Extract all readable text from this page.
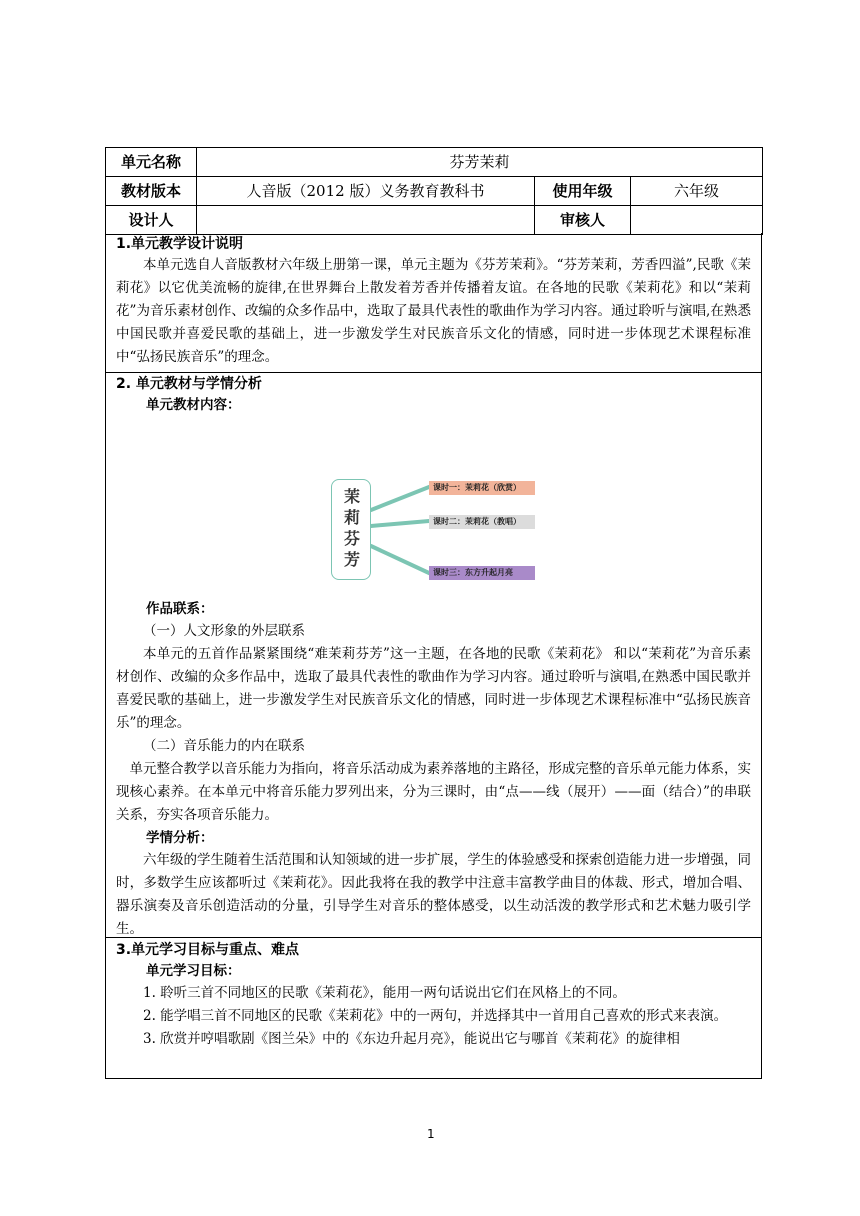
单元名称	芬芳茉莉		
教材版本	人音版（2012 版）义务教育教科书	使用年级	六年级
设计人		审核人	

1.单元教学设计说明

本单元选自人音版教材六年级上册第一课，单元主题为《芬芳茉莉》。“芬芳茉莉，芳香四溢”,民歌《茉莉花》以它优美流畅的旋律,在世界舞台上散发着芳香并传播着友谊。在各地的民歌《茉莉花》和以“茉莉花”为音乐素材创作、改编的众多作品中，选取了最具代表性的歌曲作为学习内容。通过聆听与演唱,在熟悉中国民歌并喜爱民歌的基础上，进一步激发学生对民族音乐文化的情感，同时进一步体现艺术课程标准中“弘扬民族音乐”的理念。

2. 单元教材与学情分析

单元教材内容：

茉莉芬芳	课时一：茉莉花（欣赏）
课时二：茉莉花（教唱）
课时三：东方升起月亮

作品联系：

（一）人文形象的外层联系

本单元的五首作品紧紧围绕“难茉莉芬芳”这一主题，在各地的民歌《茉莉花》 和以“茉莉花”为音乐素材创作、改编的众多作品中，选取了最具代表性的歌曲作为学习内容。通过聆听与演唱,在熟悉中国民歌并喜爱民歌的基础上，进一步激发学生对民族音乐文化的情感，同时进一步体现艺术课程标准中“弘扬民族音乐”的理念。

（二）音乐能力的内在联系

单元整合教学以音乐能力为指向，将音乐活动成为素养落地的主路径，形成完整的音乐单元能力体系，实现核心素养。在本单元中将音乐能力罗列出来，分为三课时，由“点——线（展开）——面（结合）”的串联关系，夯实各项音乐能力。

学情分析：

六年级的学生随着生活范围和认知领域的进一步扩展，学生的体验感受和探索创造能力进一步增强，同时，多数学生应该都听过《茉莉花》。因此我将在我的教学中注意丰富教学曲目的体裁、形式，增加合唱、器乐演奏及音乐创造活动的分量，引导学生对音乐的整体感受，以生动活泼的教学形式和艺术魅力吸引学生。

3.单元学习目标与重点、难点

单元学习目标：

1. 聆听三首不同地区的民歌《茉莉花》，能用一两句话说出它们在风格上的不同。

2. 能学唱三首不同地区的民歌《茉莉花》中的一两句，并选择其中一首用自己喜欢的形式来表演。

3. 欣赏并哼唱歌剧《图兰朵》中的《东边升起月亮》，能说出它与哪首《茉莉花》的旋律相

1
